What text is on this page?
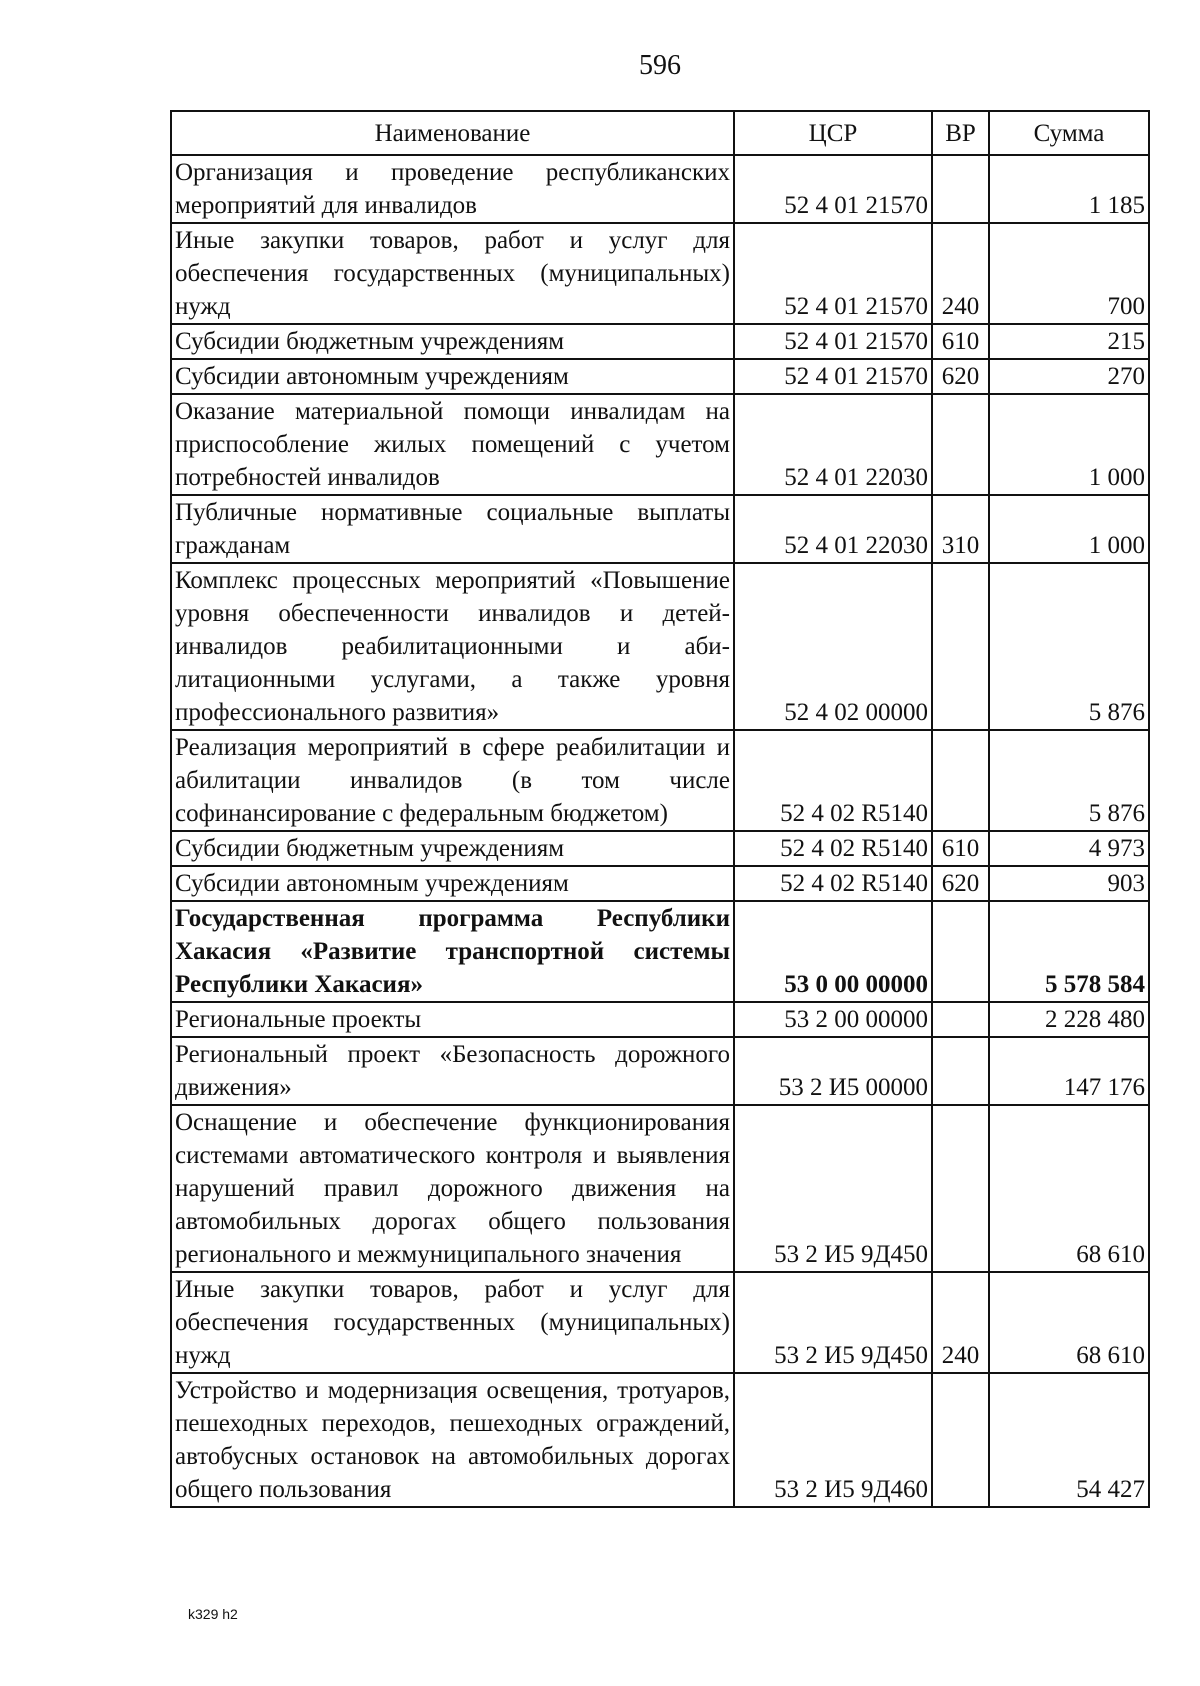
596
Наименование	ЦСР	ВР	Сумма
Организация и проведение республиканских мероприятий для инвалидов	52 4 01 21570		1 185
Иные закупки товаров, работ и услуг для обеспечения государственных (муниципальных) нужд	52 4 01 21570	240	700
Субсидии бюджетным учреждениям	52 4 01 21570	610	215
Субсидии автономным учреждениям	52 4 01 21570	620	270
Оказание материальной помощи инвалидам на приспособление жилых помещений с учетом потребностей инвалидов	52 4 01 22030		1 000
Публичные нормативные социальные выплаты гражданам	52 4 01 22030	310	1 000
Комплекс процессных мероприятий «Повышение уровня обеспеченности инвалидов и детей-инвалидов реабилитационными и абилитационными услугами, а также уровня профессионального развития»	52 4 02 00000		5 876
Реализация мероприятий в сфере реабилитации и абилитации инвалидов (в том числе софинансирование с федеральным бюджетом)	52 4 02 R5140		5 876
Субсидии бюджетным учреждениям	52 4 02 R5140	610	4 973
Субсидии автономным учреждениям	52 4 02 R5140	620	903
Государственная программа Республики Хакасия «Развитие транспортной системы Республики Хакасия»	53 0 00 00000		5 578 584
Региональные проекты	53 2 00 00000		2 228 480
Региональный проект «Безопасность дорожного движения»	53 2 И5 00000		147 176
Оснащение и обеспечение функционирования системами автоматического контроля и выявления нарушений правил дорожного движения на автомобильных дорогах общего пользования регионального и межмуниципального значения	53 2 И5 9Д450		68 610
Иные закупки товаров, работ и услуг для обеспечения государственных (муниципальных) нужд	53 2 И5 9Д450	240	68 610
Устройство и модернизация освещения, тротуаров, пешеходных переходов, пешеходных ограждений, автобусных остановок на автомобильных дорогах общего пользования	53 2 И5 9Д460		54 427
k329 h2
